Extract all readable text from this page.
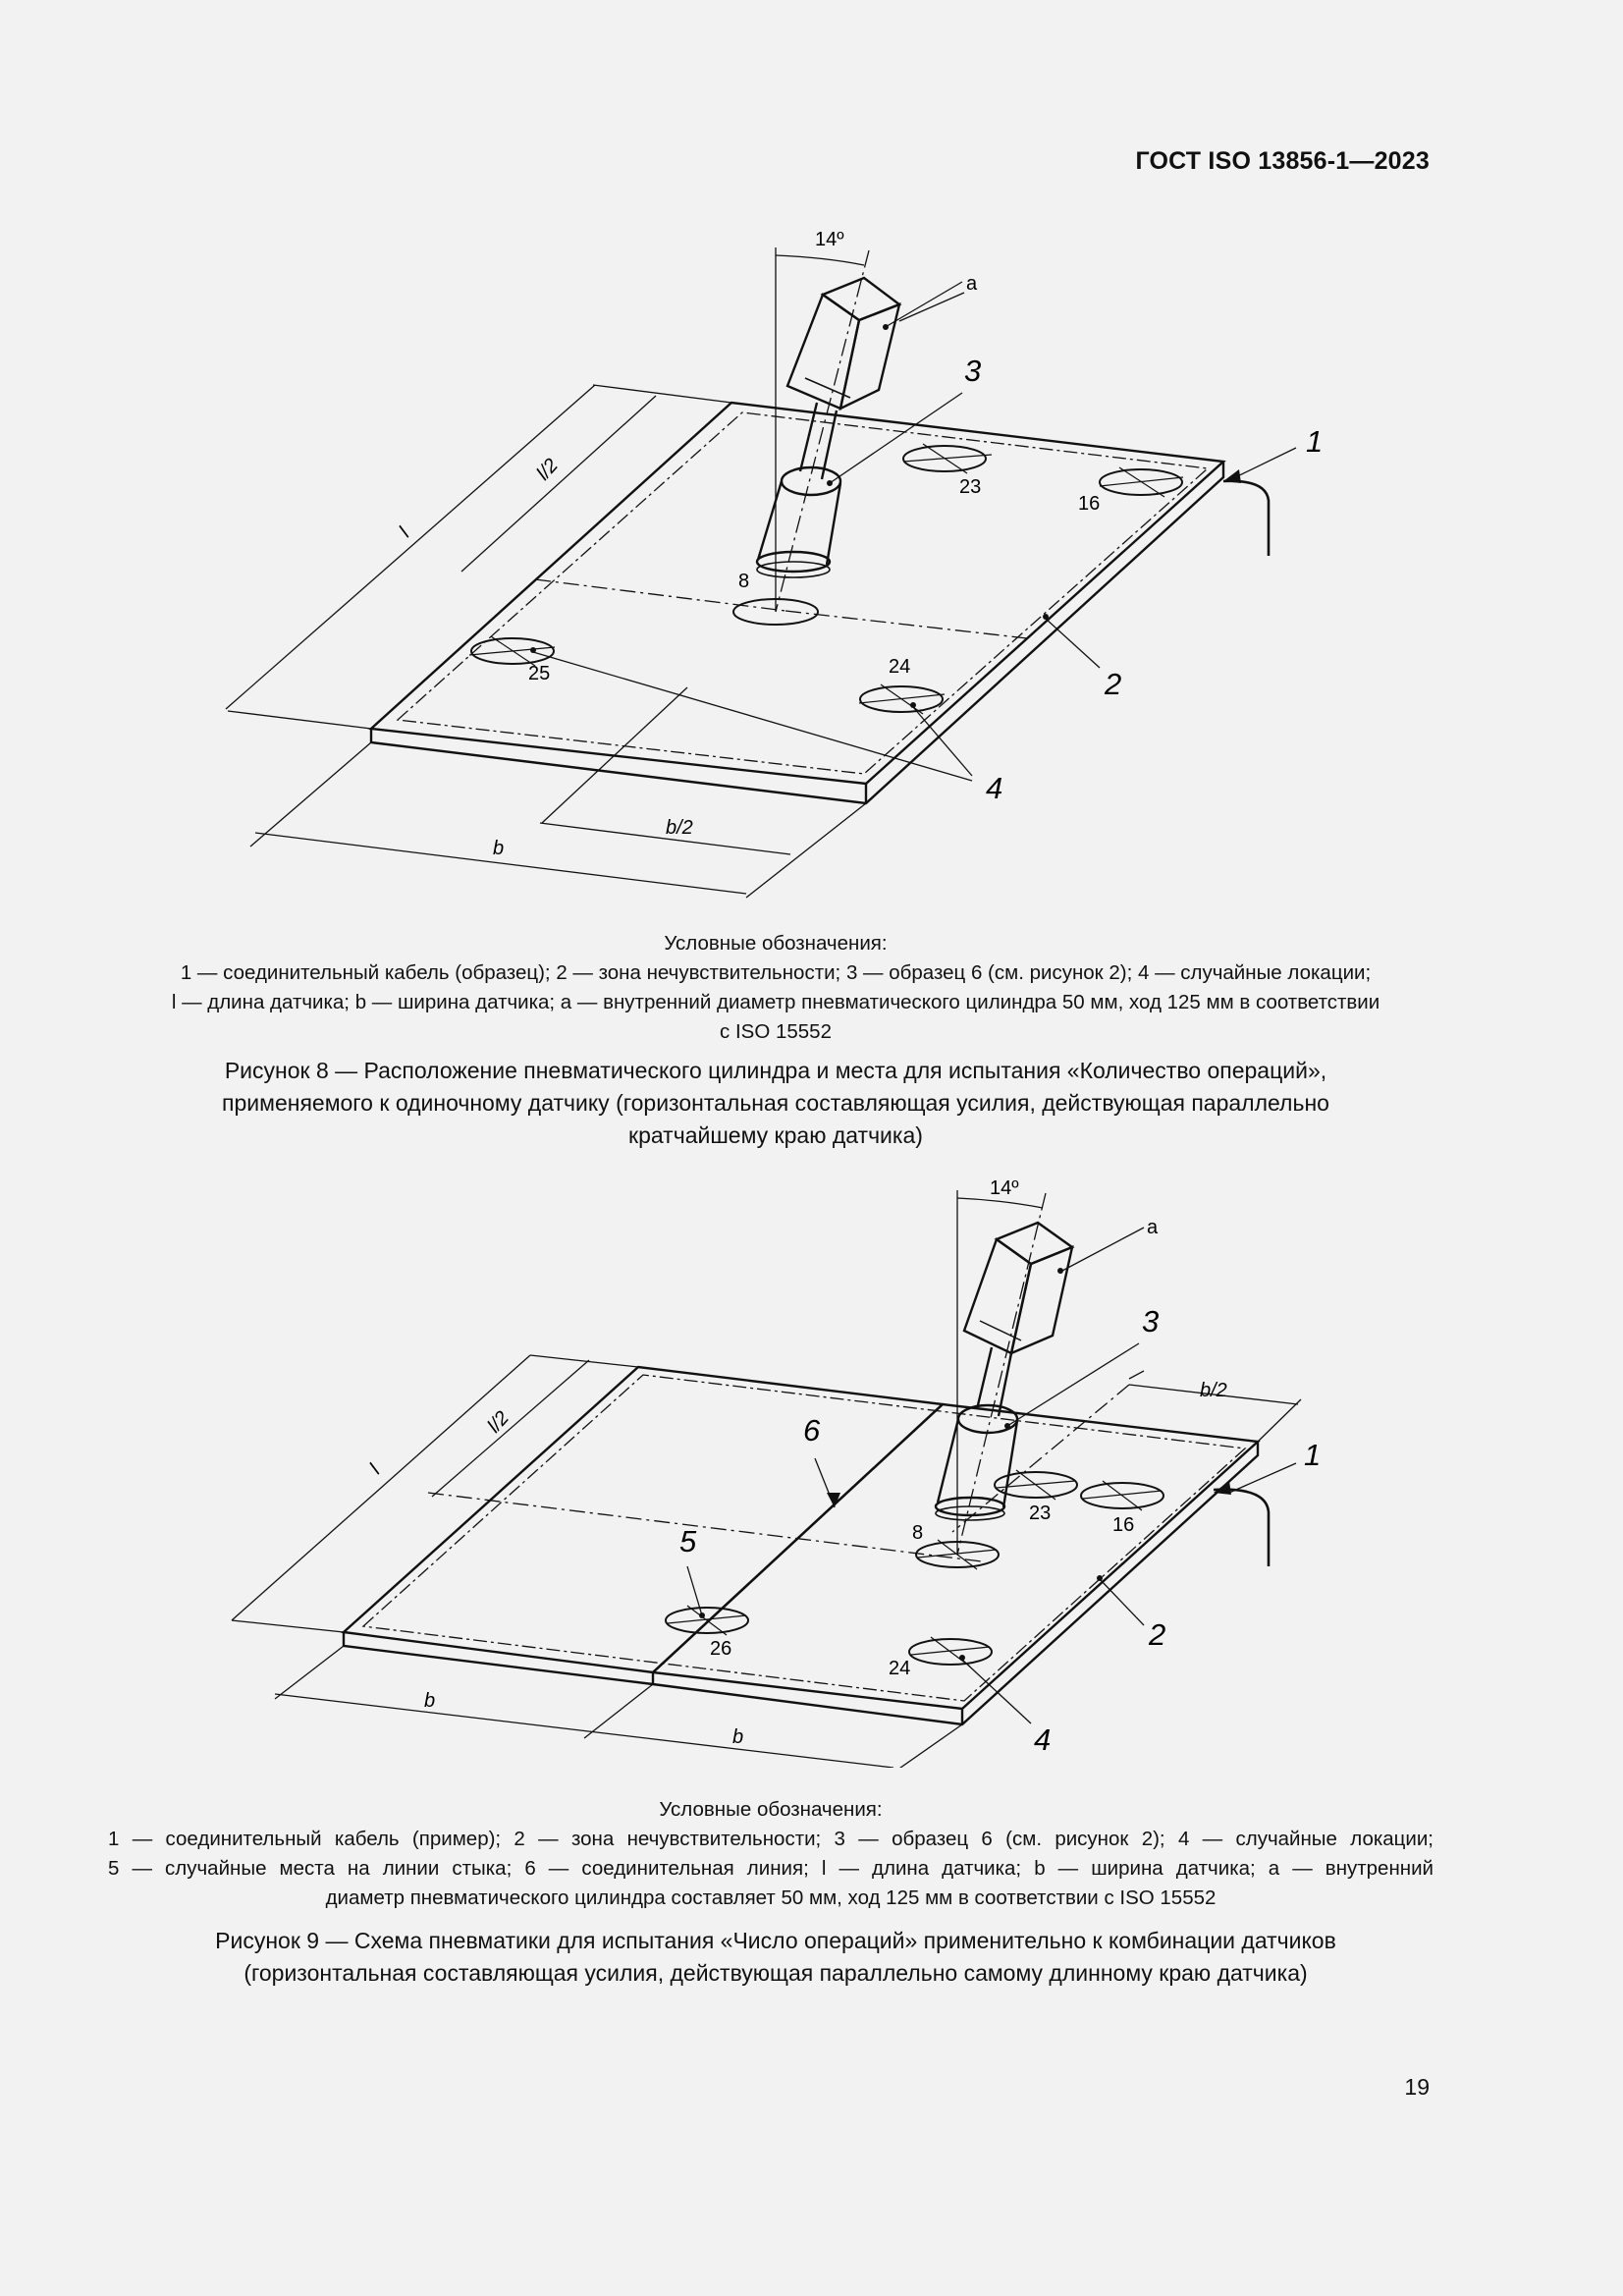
ГОСТ ISO 13856-1—2023
14º
a
8
23
16
24
25
l
l/2
b
b/2
3
1
2
4
Условные обозначения:
1 — соединительный кабель (образец); 2 — зона нечувствительности; 3 — образец 6 (см. рисунок 2); 4 — случайные локации;
l — длина датчика; b — ширина датчика; а — внутренний диаметр пневматического цилиндра 50 мм, ход 125 мм в соответствии
с ISO 15552
Рисунок 8 — Расположение пневматического цилиндра и места для испытания «Количество операций»,
применяемого к одиночному датчику (горизонтальная составляющая усилия, действующая параллельно
кратчайшему краю датчика)
14º
a
8
23
16
24
26
l
l/2
b
b
b/2
3
1
2
4
5
6
Условные обозначения:
1 — соединительный кабель (пример); 2 — зона нечувствительности; 3 — образец 6 (см. рисунок 2); 4 — случайные локации;
5 — случайные места на линии стыка; 6 — соединительная линия; l — длина датчика; b — ширина датчика; а — внутренний
диаметр пневматического цилиндра составляет 50 мм, ход 125 мм в соответствии с ISO 15552
Рисунок 9 — Схема пневматики для испытания «Число операций» применительно к комбинации датчиков
(горизонтальная составляющая усилия, действующая параллельно самому длинному краю датчика)
19
